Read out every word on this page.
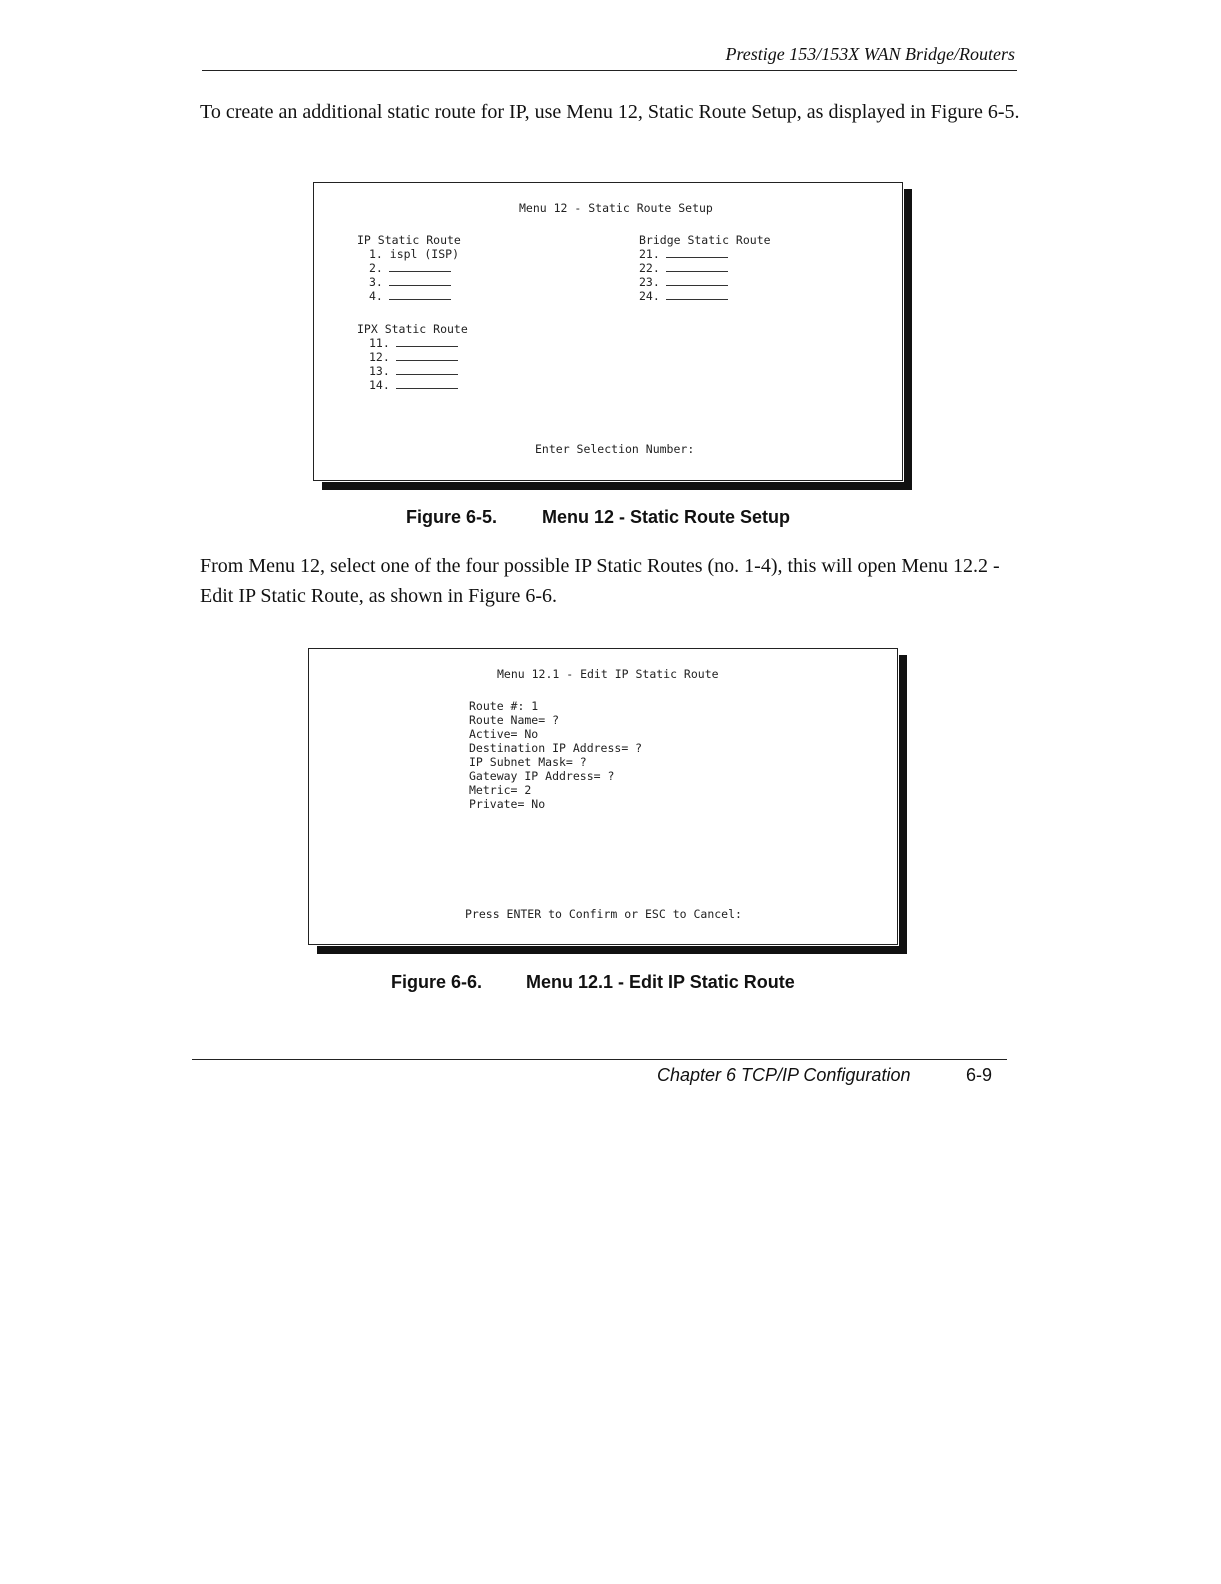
Prestige 153/153X WAN Bridge/Routers

To create an additional static route for IP, use Menu 12, Static Route Setup, as displayed in Figure 6-5.

Menu 12 - Static Route Setup
IP Static Route
1. ispl (ISP)
2.
3.
4.
Bridge Static Route
21.
22.
23.
24.
IPX Static Route
11.
12.
13.
14.
Enter Selection Number:
Figure 6-5. Menu 12 - Static Route Setup

From Menu 12, select one of the four possible IP Static Routes (no. 1-4), this will open Menu 12.2 - Edit IP Static Route, as shown in Figure 6-6.

Menu 12.1 - Edit IP Static Route
Route #: 1
Route Name= ?
Active= No
Destination IP Address= ?
IP Subnet Mask= ?
Gateway IP Address= ?
Metric= 2
Private= No
Press ENTER to Confirm or ESC to Cancel:
Figure 6-6. Menu 12.1 - Edit IP Static Route
Chapter 6 TCP/IP Configuration	6-9
